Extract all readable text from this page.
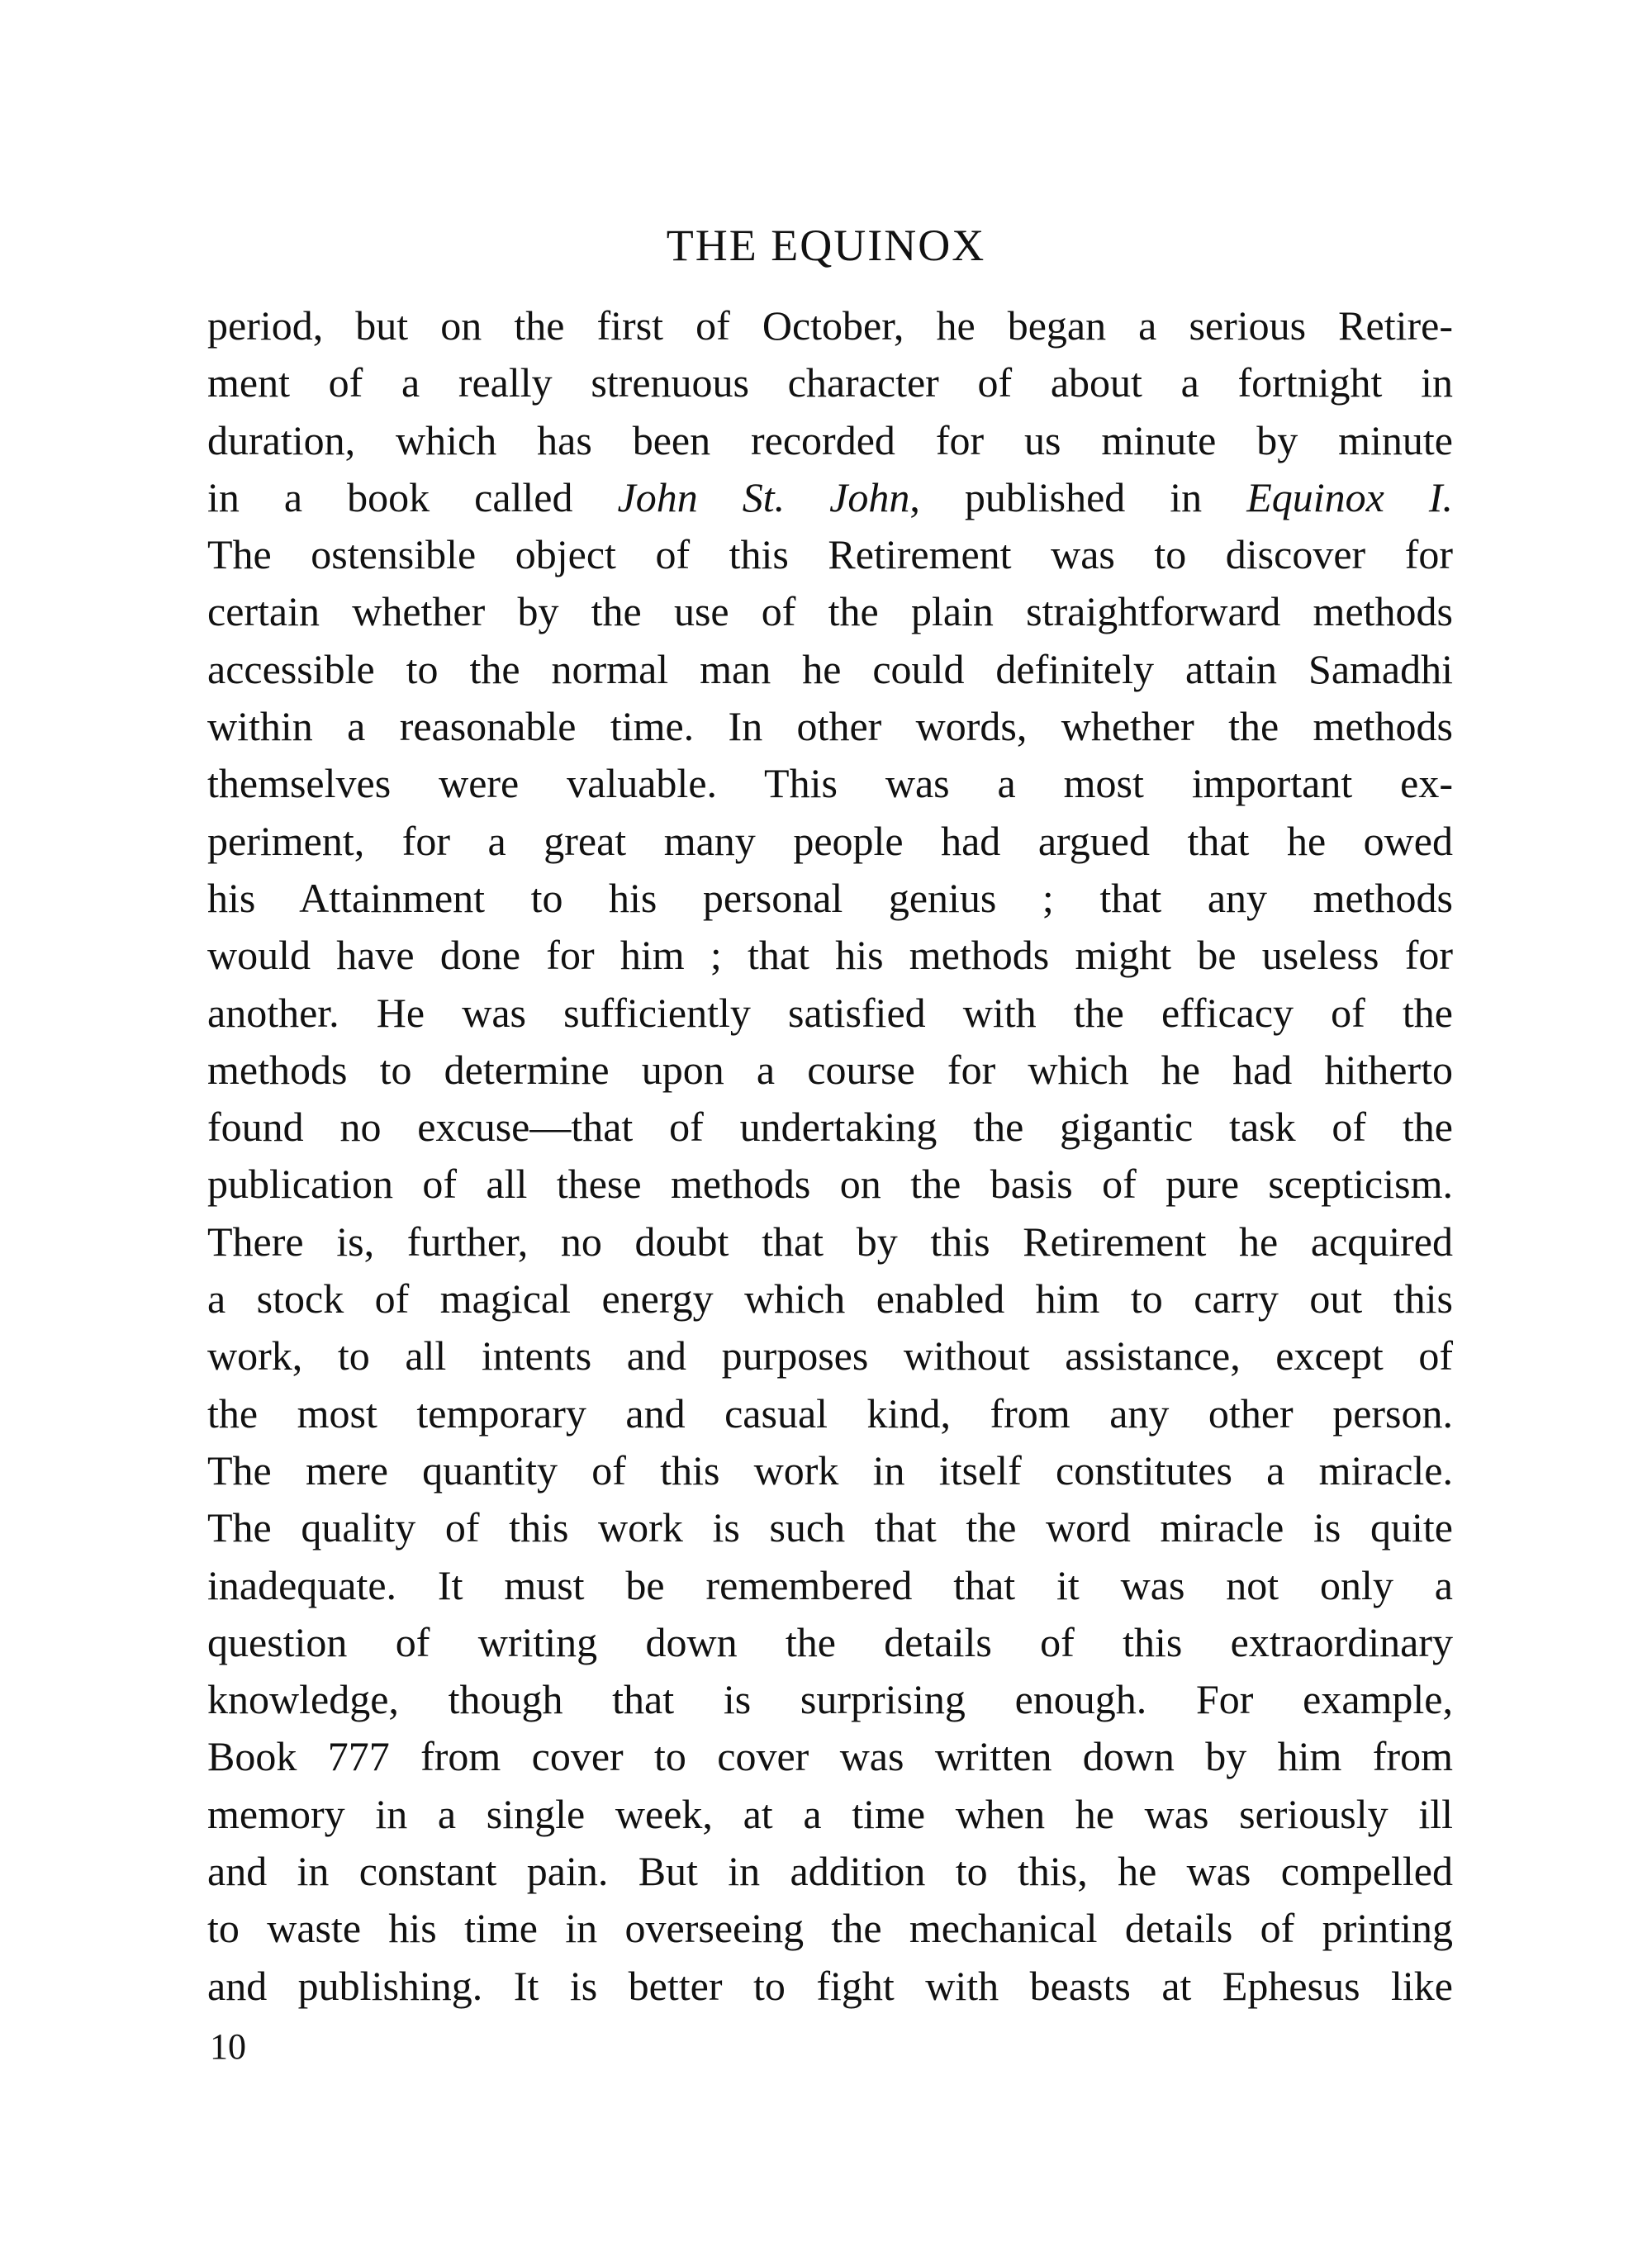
THE EQUINOX
period, but on the first of October, he began a serious Retire-
ment of a really strenuous character of about a fortnight in
duration, which has been recorded for us minute by minute
in a book called John St. John, published in Equinox I.
The ostensible object of this Retirement was to discover for
certain whether by the use of the plain straightforward methods
accessible to the normal man he could definitely attain Samadhi
within a reasonable time. In other words, whether the methods
themselves were valuable. This was a most important ex-
periment, for a great many people had argued that he owed
his Attainment to his personal genius ; that any methods
would have done for him ; that his methods might be useless for
another. He was sufficiently satisfied with the efficacy of the
methods to determine upon a course for which he had hitherto
found no excuse—that of undertaking the gigantic task of the
publication of all these methods on the basis of pure scepticism.
There is, further, no doubt that by this Retirement he acquired
a stock of magical energy which enabled him to carry out this
work, to all intents and purposes without assistance, except of
the most temporary and casual kind, from any other person.
The mere quantity of this work in itself constitutes a miracle.
The quality of this work is such that the word miracle is quite
inadequate. It must be remembered that it was not only a
question of writing down the details of this extraordinary
knowledge, though that is surprising enough. For example,
Book 777 from cover to cover was written down by him from
memory in a single week, at a time when he was seriously ill
and in constant pain. But in addition to this, he was compelled
to waste his time in overseeing the mechanical details of printing
and publishing. It is better to fight with beasts at Ephesus like
10
